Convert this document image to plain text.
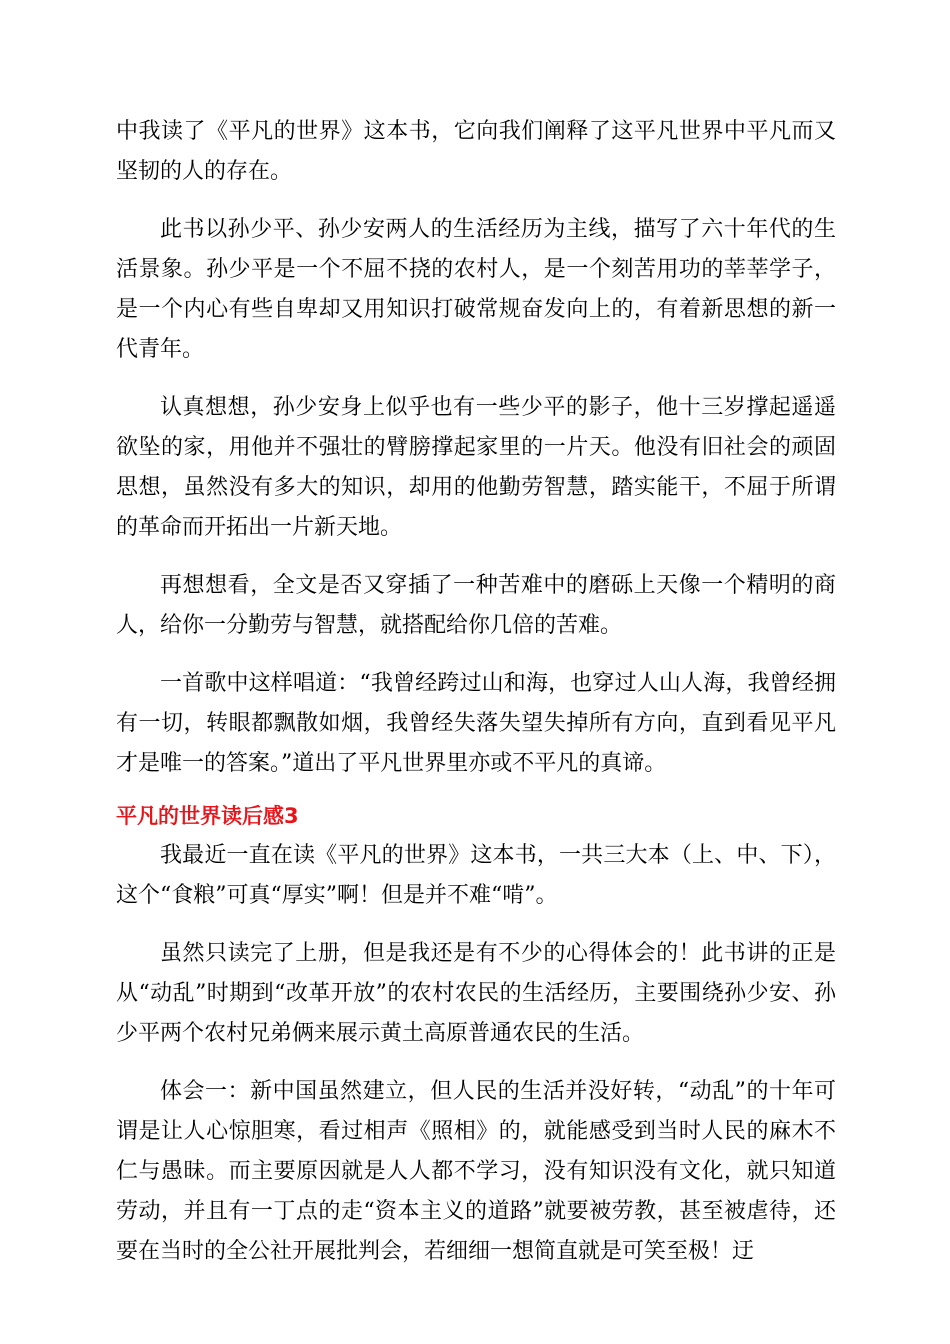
中我读了《平凡的世界》这本书，它向我们阐释了这平凡世界中平凡而又坚韧的人的存在。

此书以孙少平、孙少安两人的生活经历为主线，描写了六十年代的生活景象。孙少平是一个不屈不挠的农村人，是一个刻苦用功的莘莘学子，是一个内心有些自卑却又用知识打破常规奋发向上的，有着新思想的新一代青年。

认真想想，孙少安身上似乎也有一些少平的影子，他十三岁撑起遥遥欲坠的家，用他并不强壮的臂膀撑起家里的一片天。他没有旧社会的顽固思想，虽然没有多大的知识，却用的他勤劳智慧，踏实能干，不屈于所谓的革命而开拓出一片新天地。

再想想看，全文是否又穿插了一种苦难中的磨砾上天像一个精明的商人，给你一分勤劳与智慧，就搭配给你几倍的苦难。

一首歌中这样唱道：“我曾经跨过山和海，也穿过人山人海，我曾经拥有一切，转眼都飘散如烟，我曾经失落失望失掉所有方向，直到看见平凡才是唯一的答案。”道出了平凡世界里亦或不平凡的真谛。

平凡的世界读后感3

我最近一直在读《平凡的世界》这本书，一共三大本（上、中、下），这个“食粮”可真“厚实”啊！但是并不难“啃”。

虽然只读完了上册，但是我还是有不少的心得体会的！此书讲的正是从“动乱”时期到“改革开放”的农村农民的生活经历，主要围绕孙少安、孙少平两个农村兄弟俩来展示黄土高原普通农民的生活。

体会一：新中国虽然建立，但人民的生活并没好转，“动乱”的十年可谓是让人心惊胆寒，看过相声《照相》的，就能感受到当时人民的麻木不仁与愚昧。而主要原因就是人人都不学习，没有知识没有文化，就只知道劳动，并且有一丁点的走“资本主义的道路”就要被劳教，甚至被虐待，还要在当时的全公社开展批判会，若细细一想简直就是可笑至极！迂
